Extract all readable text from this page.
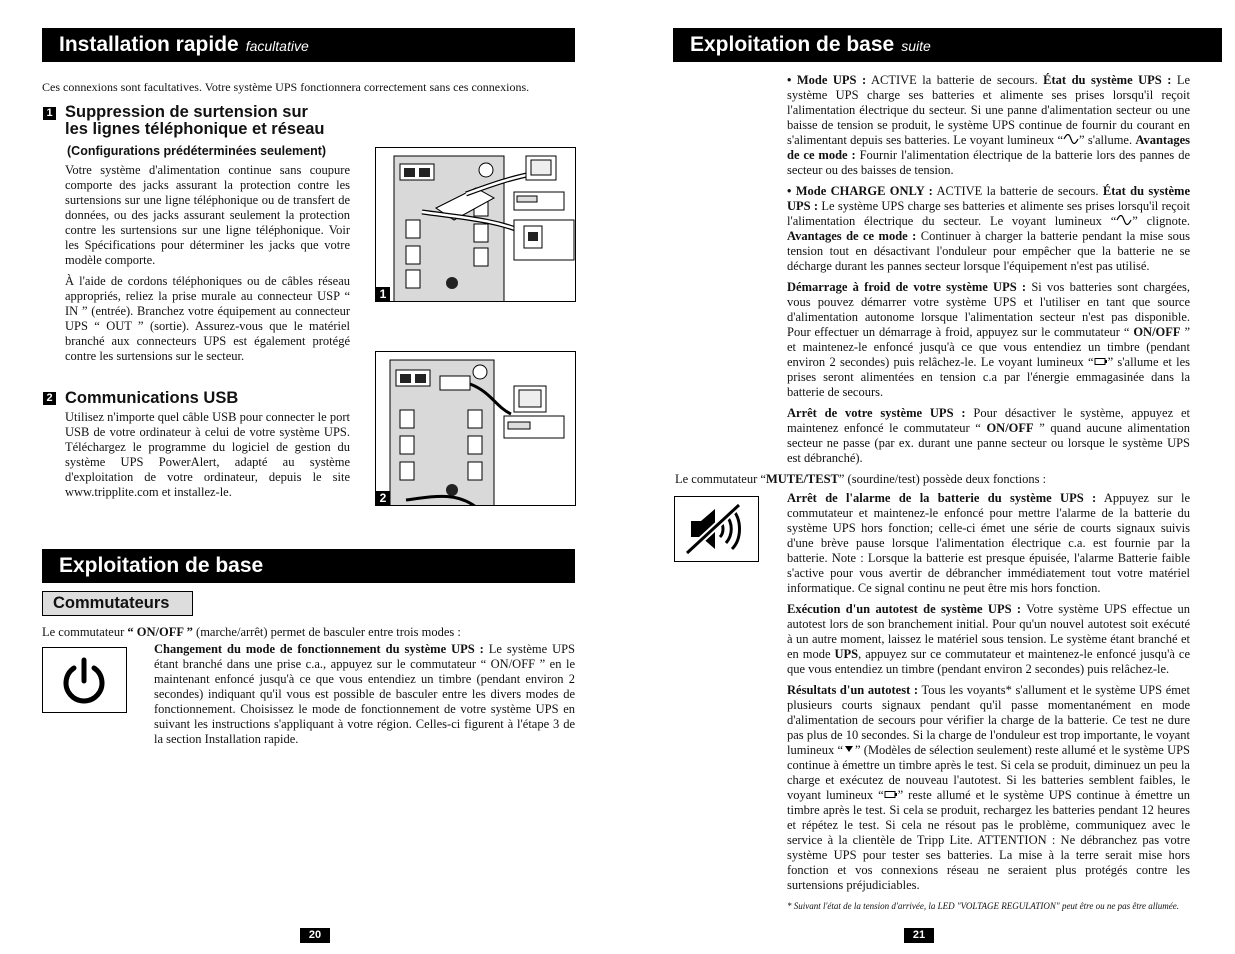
Installation rapide facultative
Ces connexions sont facultatives. Votre système UPS fonctionnera correctement sans ces connexions.
1 Suppression de surtension sur
les lignes téléphonique et réseau
(Configurations prédéterminées seulement)

Votre système d'alimentation continue sans coupure comporte des jacks assurant la protection contre les surtensions sur une ligne téléphonique ou de transfert de données, ou des jacks assurant seulement la protection contre les surtensions sur une ligne téléphonique. Voir les Spécifications pour déterminer les jacks que votre modèle comporte.

À l'aide de cordons téléphoniques ou de câbles réseau appropriés, reliez la prise murale au connecteur USP “ IN ” (entrée). Branchez votre équipement au connecteur UPS “ OUT ” (sortie). Assurez-vous que le matériel branché aux connecteurs UPS est également protégé contre les surtensions sur le secteur.

2 Communications USB
Utilisez n'importe quel câble USB pour connecter le port USB de votre ordinateur à celui de votre système UPS. Téléchargez le programme du logiciel de gestion du système UPS PowerAlert, adapté au système d'exploitation de votre ordinateur, depuis le site www.tripplite.com et installez-le.
1
2
Exploitation de base
Commutateurs
Le commutateur “ ON/OFF ” (marche/arrêt) permet de basculer entre trois modes :
Changement du mode de fonctionnement du système UPS : Le système UPS étant branché dans une prise c.a., appuyez sur le commutateur “ ON/OFF ” en le maintenant enfoncé jusqu'à ce que vous entendiez un timbre (pendant environ 2 secondes) indiquant qu'il vous est possible de basculer entre les divers modes de fonctionnement. Choisissez le mode de fonctionnement de votre système UPS en suivant les instructions s'appliquant à votre région. Celles-ci figurent à l'étape 3 de la section Installation rapide.
20
Exploitation de base suite

• Mode UPS : ACTIVE la batterie de secours. État du système UPS : Le système UPS charge ses batteries et alimente ses prises lorsqu'il reçoit l'alimentation électrique du secteur. Si une panne d'alimentation secteur ou une baisse de tension se produit, le système UPS continue de fournir du courant en s'alimentant depuis ses batteries. Le voyant lumineux “ ” s'allume. Avantages de ce mode : Fournir l'alimentation électrique de la batterie lors des pannes de secteur ou des baisses de tension.

• Mode CHARGE ONLY : ACTIVE la batterie de secours. État du système UPS : Le système UPS charge ses batteries et alimente ses prises lorsqu'il reçoit l'alimentation électrique du secteur. Le voyant lumineux “ ” clignote. Avantages de ce mode : Continuer à charger la batterie pendant la mise sous tension tout en désactivant l'onduleur pour empêcher que la batterie ne se décharge durant les pannes secteur lorsque l'équipement n'est pas utilisé.

Démarrage à froid de votre système UPS : Si vos batteries sont chargées, vous pouvez démarrer votre système UPS et l'utiliser en tant que source d'alimentation autonome lorsque l'alimentation secteur n'est pas disponible. Pour effectuer un démarrage à froid, appuyez sur le commutateur “ ON/OFF ” et maintenez-le enfoncé jusqu'à ce que vous entendiez un timbre (pendant environ 2 secondes) puis relâchez-le. Le voyant lumineux “ ” s'allume et les prises seront alimentées en tension c.a par l'énergie emmagasinée dans la batterie de secours.

Arrêt de votre système UPS : Pour désactiver le système, appuyez et maintenez enfoncé le commutateur “ ON/OFF ” quand aucune alimentation secteur ne passe (par ex. durant une panne secteur ou lorsque le système UPS est débranché).

Le commutateur “MUTE/TEST” (sourdine/test) possède deux fonctions :

Arrêt de l'alarme de la batterie du système UPS : Appuyez sur le commutateur et maintenez-le enfoncé pour mettre l'alarme de la batterie du système UPS hors fonction; celle-ci émet une série de courts signaux suivis d'une brève pause lorsque l'alimentation électrique c.a. est fournie par la batterie. Note : Lorsque la batterie est presque épuisée, l'alarme Batterie faible s'active pour vous avertir de débrancher immédiatement tout votre matériel informatique. Ce signal continu ne peut être mis hors fonction.

Exécution d'un autotest de système UPS : Votre système UPS effectue un autotest lors de son branchement initial. Pour qu'un nouvel autotest soit exécuté à un autre moment, laissez le matériel sous tension. Le système étant branché et en mode UPS, appuyez sur ce commutateur et maintenez-le enfoncé jusqu'à ce que vous entendiez un timbre (pendant environ 2 secondes) puis relâchez-le.

Résultats d'un autotest : Tous les voyants* s'allument et le système UPS émet plusieurs courts signaux pendant qu'il passe momentanément en mode d'alimentation de secours pour vérifier la charge de la batterie. Ce test ne dure pas plus de 10 secondes. Si la charge de l'onduleur est trop importante, le voyant lumineux “ ” (Modèles de sélection seulement) reste allumé et le système UPS continue à émettre un timbre après le test. Si cela se produit, diminuez un peu la charge et exécutez de nouveau l'autotest. Si les batteries semblent faibles, le voyant lumineux “ ” reste allumé et le système UPS continue à émettre un timbre après le test. Si cela se produit, rechargez les batteries pendant 12 heures et répétez le test. Si cela ne résout pas le problème, communiquez avec le service à la clientèle de Tripp Lite. ATTENTION : Ne débranchez pas votre système UPS pour tester ses batteries. La mise à la terre serait mise hors fonction et vos connexions réseau ne seraient plus protégés contre les surtensions préjudiciables.

* Suivant l'état de la tension d'arrivée, la LED "VOLTAGE REGULATION" peut être ou ne pas être allumée.
21
